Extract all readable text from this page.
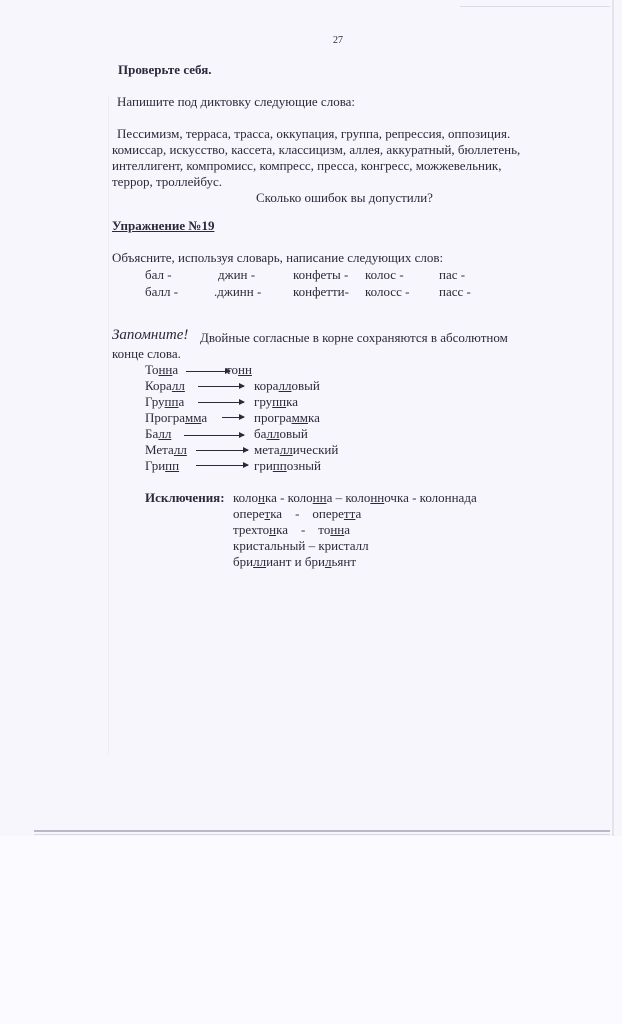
27
Проверьте себя.
Напишите под диктовку следующие слова:
Пессимизм, терраса, трасса, оккупация, группа, репрессия, оппозиция.
комиссар, искусство, кассета, классицизм, аллея, аккуратный, бюллетень,
интеллигент, компромисс, компресс, пресса, конгресс, можжевельник,
террор, троллейбус.
Сколько ошибок вы допустили?
Упражнение №19
Объясните, используя словарь, написание следующих слов:
бал -	джин -	конфеты - колос -	пас -
балл -	.джинн - конфетти- колосс - пасс -
Запомните! Двойные согласные в корне сохраняются в абсолютном
конце слова.
Тонна	тонн
Коралл	коралловый
Группа	группка
Программа	программка
Балл	балловый
Металл	металлический
Грипп	гриппозный
Исключения: колонка - колонна – колонночка - колоннада
оперетка    -    оперетта
трехтонка    -    тонна
кристальный – кристалл
бриллиант и брильянт
